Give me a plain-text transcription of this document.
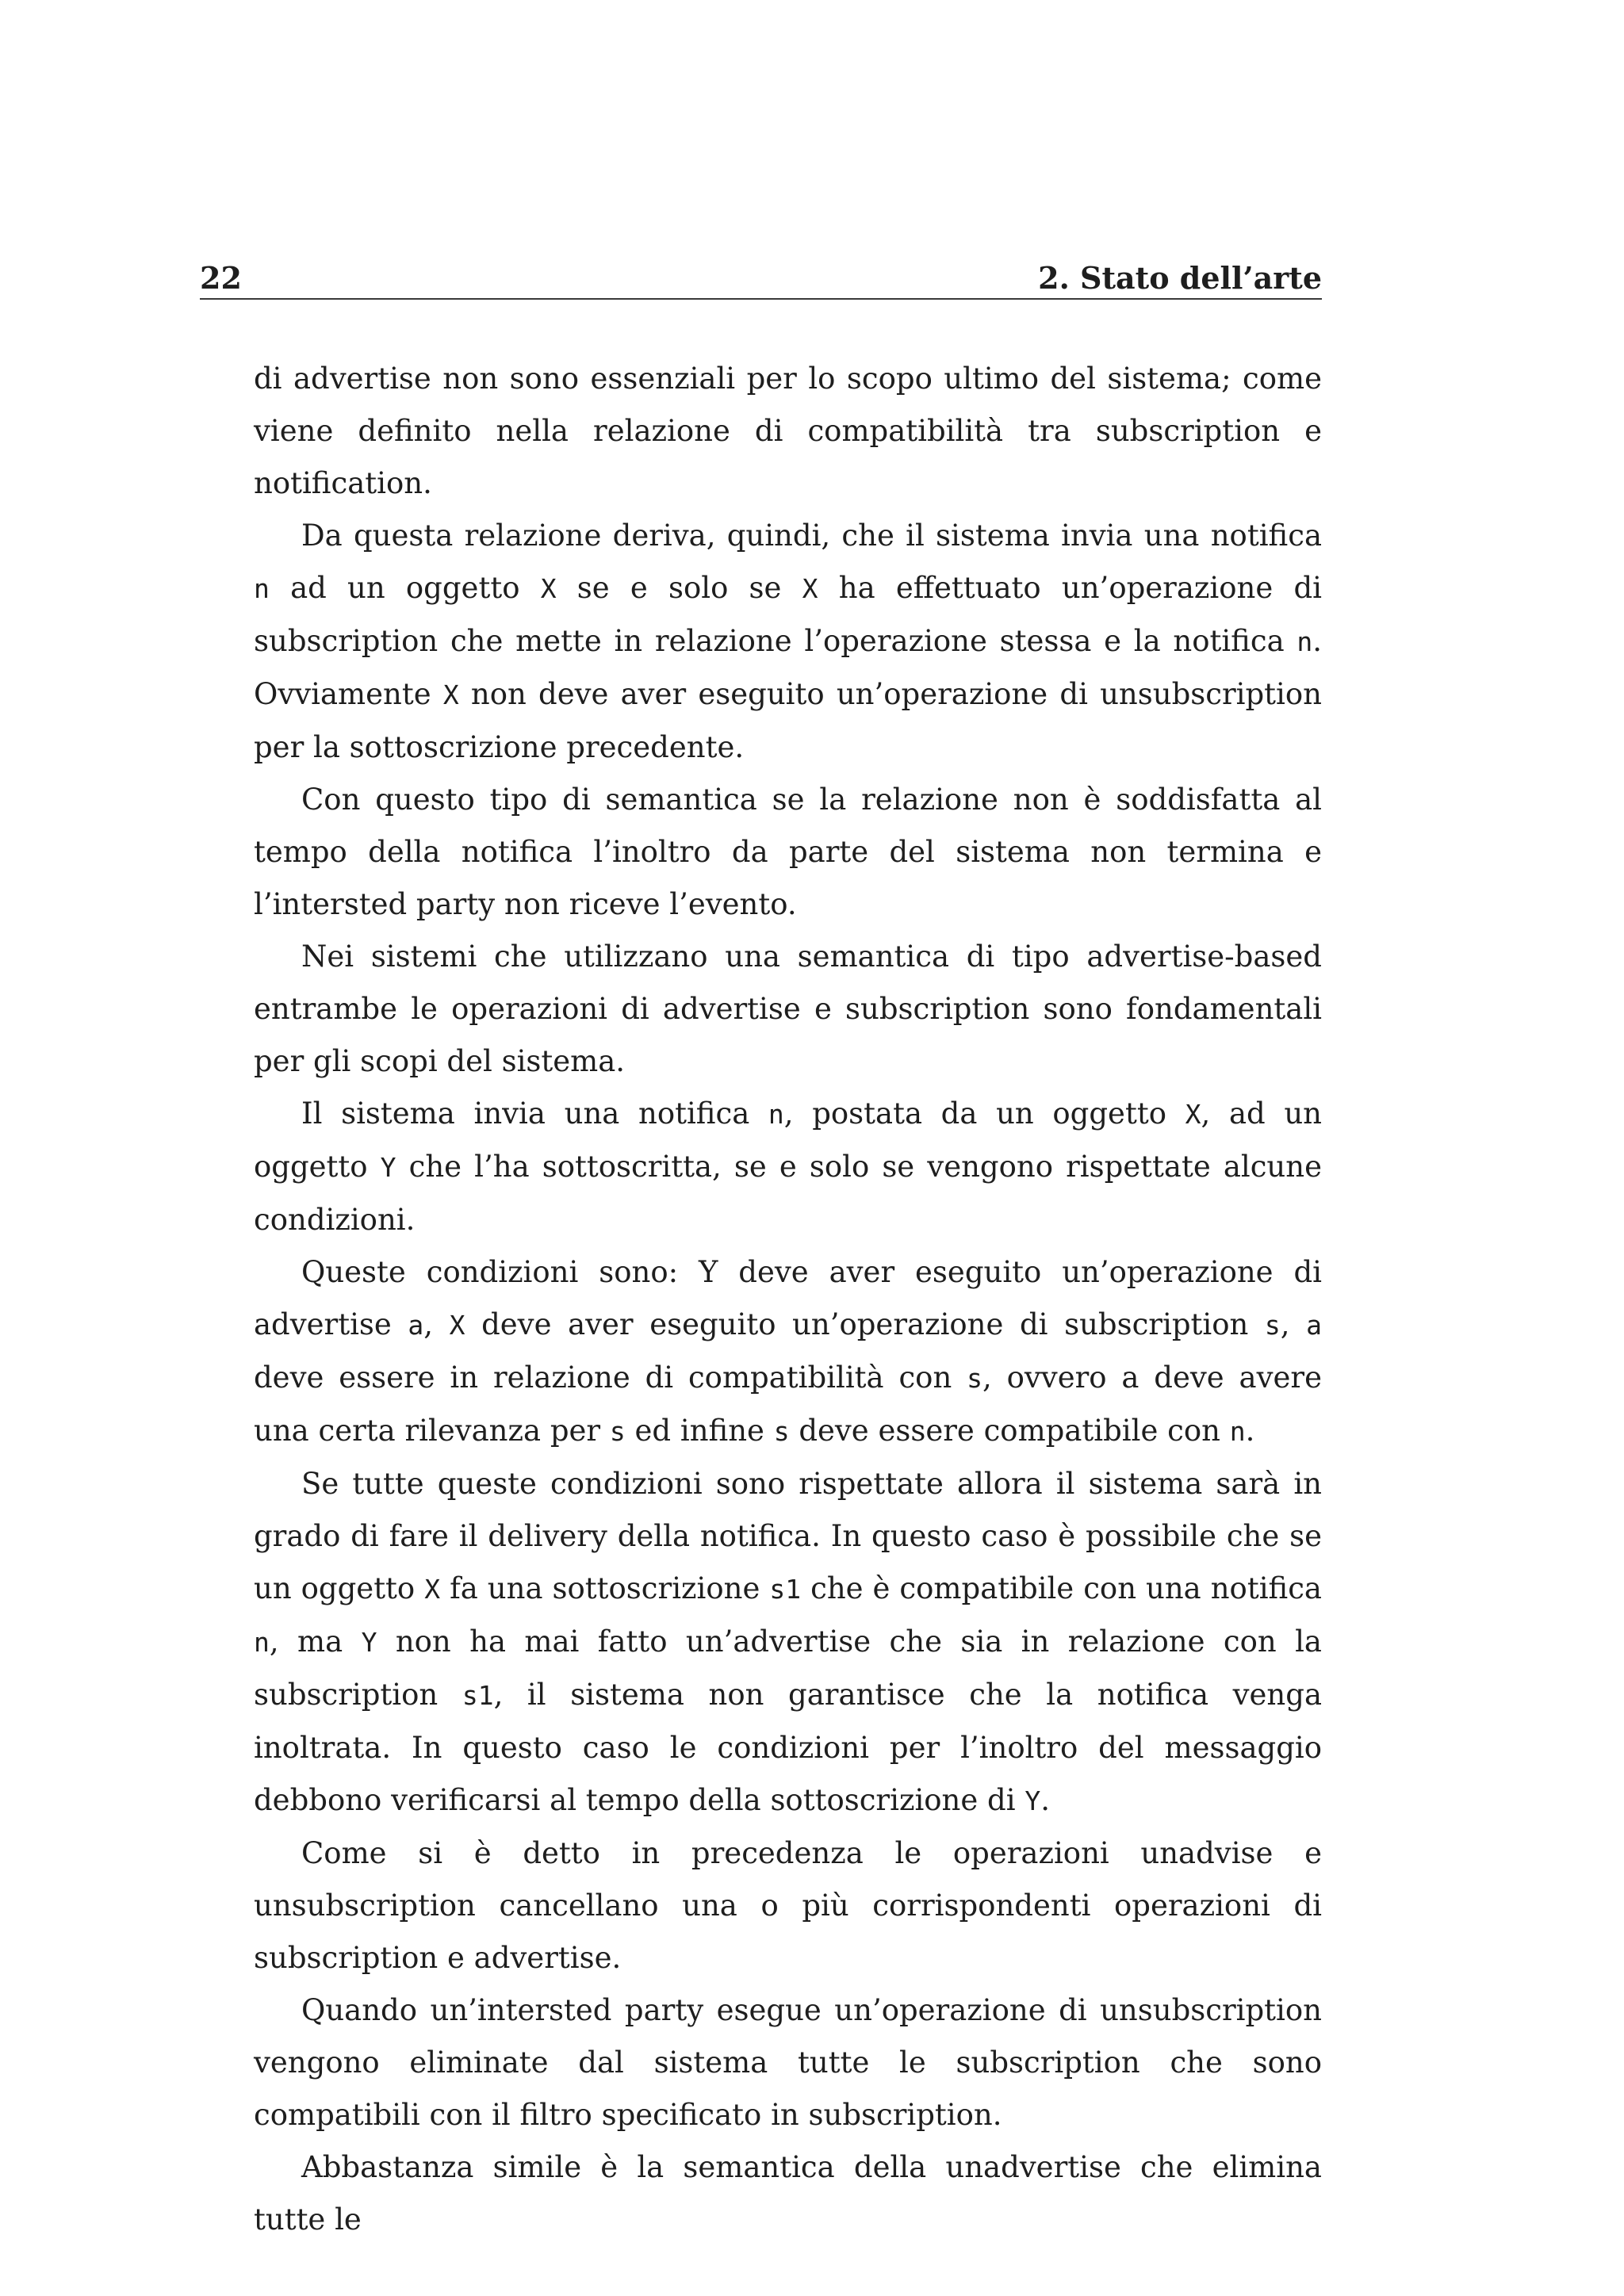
22	2. Stato dell’arte

di advertise non sono essenziali per lo scopo ultimo del sistema; come viene definito nella relazione di compatibilità tra subscription e notification.

Da questa relazione deriva, quindi, che il sistema invia una notifica n ad un oggetto X se e solo se X ha effettuato un’operazione di subscription che mette in relazione l’operazione stessa e la notifica n. Ovviamente X non deve aver eseguito un’operazione di unsubscription per la sottoscrizione precedente.

Con questo tipo di semantica se la relazione non è soddisfatta al tempo della notifica l’inoltro da parte del sistema non termina e l’intersted party non riceve l’evento.

Nei sistemi che utilizzano una semantica di tipo advertise-based entrambe le operazioni di advertise e subscription sono fondamentali per gli scopi del sistema.

Il sistema invia una notifica n, postata da un oggetto X, ad un oggetto Y che l’ha sottoscritta, se e solo se vengono rispettate alcune condizioni.

Queste condizioni sono: Y deve aver eseguito un’operazione di advertise a, X deve aver eseguito un’operazione di subscription s, a deve essere in relazione di compatibilità con s, ovvero a deve avere una certa rilevanza per s ed infine s deve essere compatibile con n.

Se tutte queste condizioni sono rispettate allora il sistema sarà in grado di fare il delivery della notifica. In questo caso è possibile che se un oggetto X fa una sottoscrizione s1 che è compatibile con una notifica n, ma Y non ha mai fatto un’advertise che sia in relazione con la subscription s1, il sistema non garantisce che la notifica venga inoltrata. In questo caso le condizioni per l’inoltro del messaggio debbono verificarsi al tempo della sottoscrizione di Y.

Come si è detto in precedenza le operazioni unadvise e unsubscription cancellano una o più corrispondenti operazioni di subscription e advertise.

Quando un’intersted party esegue un’operazione di unsubscription vengono eliminate dal sistema tutte le subscription che sono compatibili con il filtro specificato in subscription.

Abbastanza simile è la semantica della unadvertise che elimina tutte le
